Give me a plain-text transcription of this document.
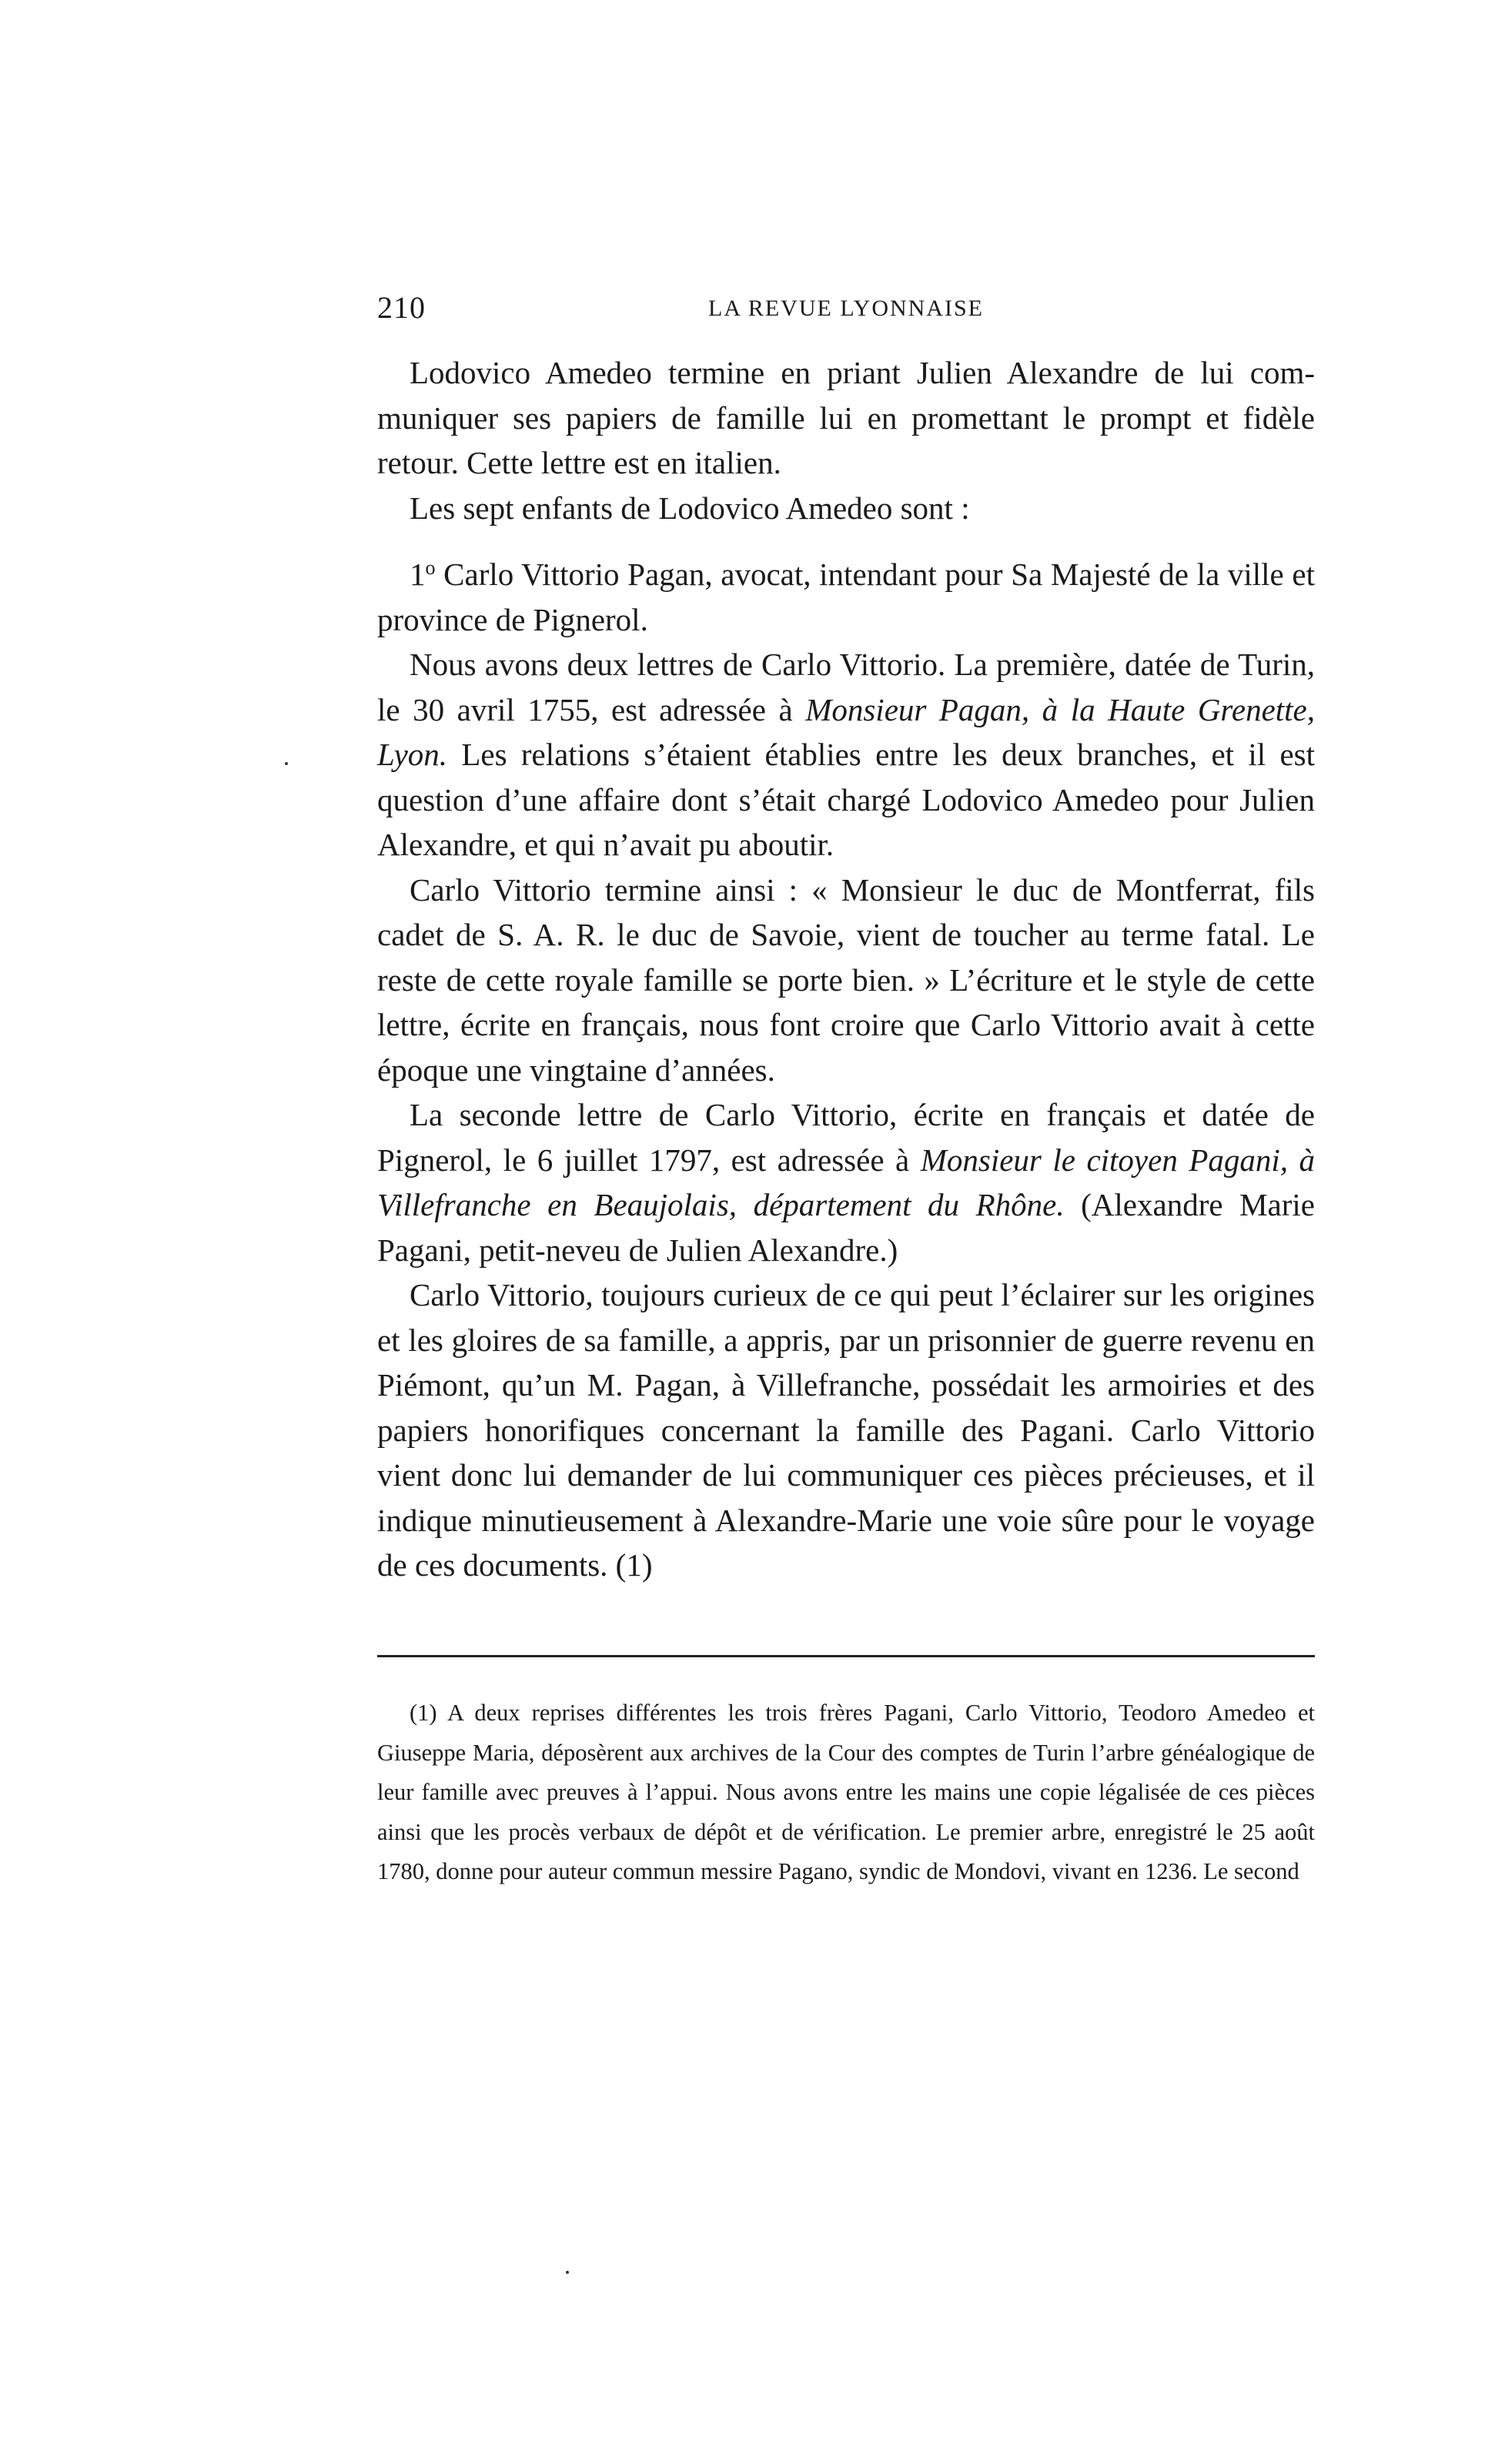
210	LA REVUE LYONNAISE

Lodovico Amedeo termine en priant Julien Alexandre de lui communiquer ses papiers de famille lui en promettant le prompt et fidèle retour. Cette lettre est en italien.

Les sept enfants de Lodovico Amedeo sont :

1$^o$ Carlo Vittorio Pagan, avocat, intendant pour Sa Majesté de la ville et province de Pignerol.

Nous avons deux lettres de Carlo Vittorio. La première, datée de Turin, le 30 avril 1755, est adressée à Monsieur Pagan, à la Haute Grenette, Lyon. Les relations s’étaient établies entre les deux branches, et il est question d’une affaire dont s’était chargé Lodovico Amedeo pour Julien Alexandre, et qui n’avait pu aboutir.

Carlo Vittorio termine ainsi : « Monsieur le duc de Montferrat, fils cadet de S. A. R. le duc de Savoie, vient de toucher au terme fatal. Le reste de cette royale famille se porte bien. » L’écriture et le style de cette lettre, écrite en français, nous font croire que Carlo Vittorio avait à cette époque une vingtaine d’années.

La seconde lettre de Carlo Vittorio, écrite en français et datée de Pignerol, le 6 juillet 1797, est adressée à Monsieur le citoyen Pagani, à Villefranche en Beaujolais, département du Rhône. (Alexandre Marie Pagani, petit-neveu de Julien Alexandre.)

Carlo Vittorio, toujours curieux de ce qui peut l’éclairer sur les origines et les gloires de sa famille, a appris, par un prisonnier de guerre revenu en Piémont, qu’un M. Pagan, à Villefranche, possédait les armoiries et des papiers honorifiques concernant la famille des Pagani. Carlo Vittorio vient donc lui demander de lui communiquer ces pièces précieuses, et il indique minutieusement à Alexandre-Marie une voie sûre pour le voyage de ces documents. (1)

(1) A deux reprises différentes les trois frères Pagani, Carlo Vittorio, Teodoro Amedeo et Giuseppe Maria, déposèrent aux archives de la Cour des comptes de Turin l’arbre généalogique de leur famille avec preuves à l’appui. Nous avons entre les mains une copie légalisée de ces pièces ainsi que les procès verbaux de dépôt et de vérification. Le premier arbre, enregistré le 25 août 1780, donne pour auteur commun messire Pagano, syndic de Mondovi, vivant en 1236. Le second
